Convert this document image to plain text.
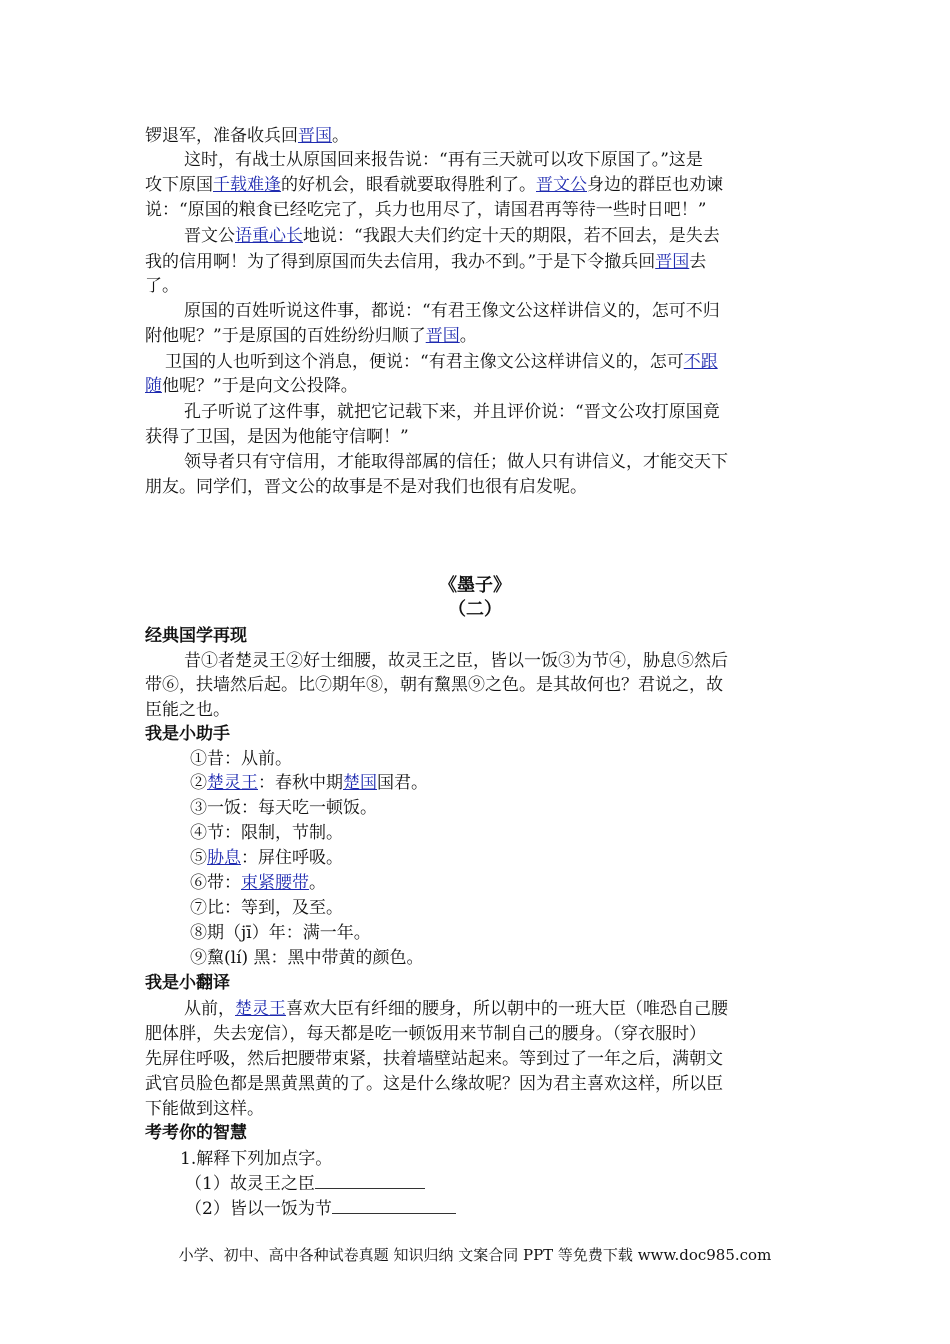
锣退军，准备收兵回晋国。
这时，有战士从原国回来报告说：“再有三天就可以攻下原国了。”这是
攻下原国千载难逢的好机会，眼看就要取得胜利了。晋文公身边的群臣也劝谏
说：“原国的粮食已经吃完了，兵力也用尽了，请国君再等待一些时日吧！”
晋文公语重心长地说：“我跟大夫们约定十天的期限，若不回去，是失去
我的信用啊！为了得到原国而失去信用，我办不到。”于是下令撤兵回晋国去
了。
原国的百姓听说这件事，都说：“有君王像文公这样讲信义的，怎可不归
附他呢？”于是原国的百姓纷纷归顺了晋国。
卫国的人也听到这个消息，便说：“有君主像文公这样讲信义的，怎可不跟
随他呢？”于是向文公投降。
孔子听说了这件事，就把它记载下来，并且评价说：“晋文公攻打原国竟
获得了卫国，是因为他能守信啊！”
领导者只有守信用，才能取得部属的信任；做人只有讲信义，才能交天下
朋友。同学们，晋文公的故事是不是对我们也很有启发呢。
《墨子》
（二）
经典国学再现
昔①者楚灵王②好士细腰，故灵王之臣，皆以一饭③为节④，胁息⑤然后
带⑥，扶墙然后起。比⑦期年⑧，朝有黧黑⑨之色。是其故何也？君说之，故
臣能之也。
我是小助手
①昔：从前。
②楚灵王：春秋中期楚国国君。
③一饭：每天吃一顿饭。
④节：限制，节制。
⑤胁息：屏住呼吸。
⑥带：束紧腰带。
⑦比：等到，及至。
⑧期（jī）年：满一年。
⑨黧(lí) 黑：黑中带黄的颜色。
我是小翻译
从前，楚灵王喜欢大臣有纤细的腰身，所以朝中的一班大臣（唯恐自己腰
肥体胖，失去宠信），每天都是吃一顿饭用来节制自己的腰身。（穿衣服时）
先屏住呼吸，然后把腰带束紧，扶着墙壁站起来。等到过了一年之后，满朝文
武官员脸色都是黑黄黑黄的了。这是什么缘故呢？因为君主喜欢这样，所以臣
下能做到这样。
考考你的智慧
1.解释下列加点字。
（1）故灵王之臣
（2）皆以一饭为节
小学、初中、高中各种试卷真题 知识归纳 文案合同 PPT 等免费下载 www.doc985.com
